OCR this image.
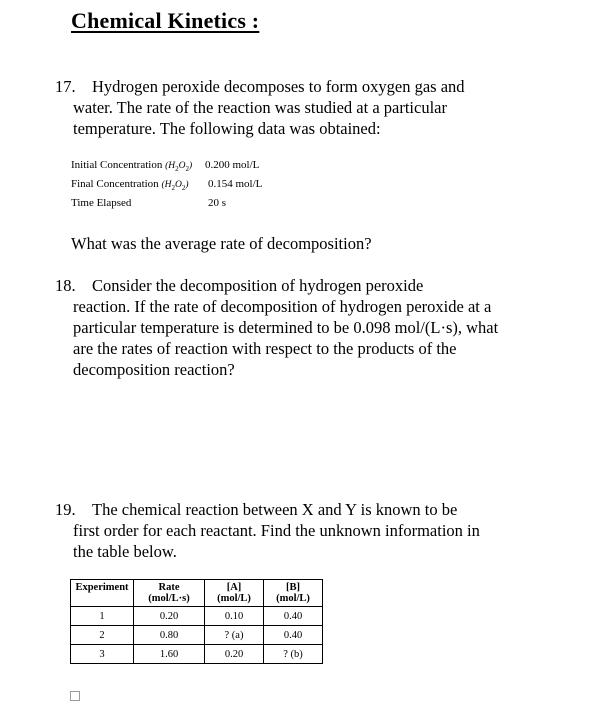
Chemical Kinetics :
17. Hydrogen peroxide decomposes to form oxygen gas and
water. The rate of the reaction was studied at a particular
temperature. The following data was obtained:
Initial Concentration $(H_2O_2)$ 0.200 mol/L
Final Concentration $(H_2O_2)$ 0.154 mol/L
Time Elapsed	20 s
What was the average rate of decomposition?
18. Consider the decomposition of hydrogen peroxide
reaction. If the rate of decomposition of hydrogen peroxide at a
particular temperature is determined to be 0.098 mol/(L·s), what
are the rates of reaction with respect to the products of the
decomposition reaction?
19. The chemical reaction between X and Y is known to be
first order for each reactant. Find the unknown information in
the table below.
Experiment	Rate (mol/L·s)	[A] (mol/L)	[B] (mol/L)
1	0.20	0.10	0.40
2	0.80	? (a)	0.40
3	1.60	0.20	? (b)
